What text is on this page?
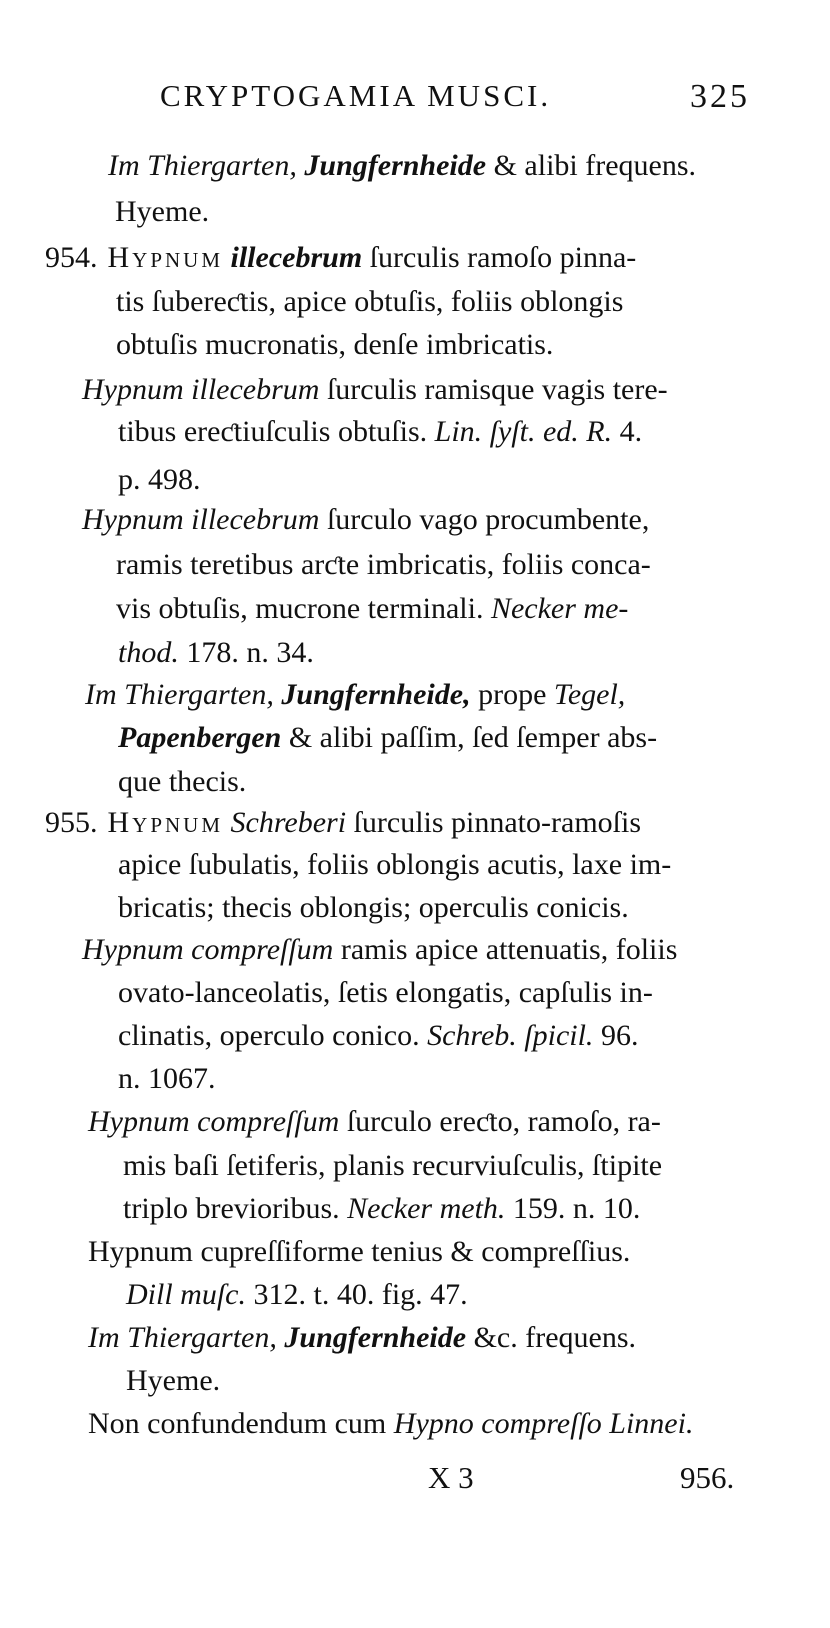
CRYPTOGAMIA MUSCI.	325
Im Thiergarten, Jungfernheide & alibi frequens.
Hyeme.
954. Hypnum illecebrum ſurculis ramoſo pinna-
tis ſubereƈtis, apice obtuſis, foliis oblongis
obtuſis mucronatis, denſe imbricatis.
Hypnum illecebrum ſurculis ramisque vagis tere-
tibus ereƈtiuſculis obtuſis. Lin. ſyſt. ed. R. 4.
p. 498.
Hypnum illecebrum ſurculo vago procumbente,
ramis teretibus arƈte imbricatis, foliis conca-
vis obtuſis, mucrone terminali. Necker me-
thod. 178. n. 34.
Im Thiergarten, Jungfernheide, prope Tegel,
Papenbergen & alibi paſſim, ſed ſemper abs-
que thecis.
955. Hypnum Schreberi ſurculis pinnato-ramoſis
apice ſubulatis, foliis oblongis acutis, laxe im-
bricatis; thecis oblongis; operculis conicis.
Hypnum compreſſum ramis apice attenuatis, foliis
ovato-lanceolatis, ſetis elongatis, capſulis in-
clinatis, operculo conico. Schreb. ſpicil. 96.
n. 1067.
Hypnum compreſſum ſurculo ereƈto, ramoſo, ra-
mis baſi ſetiferis, planis recurviuſculis, ſtipite
triplo brevioribus. Necker meth. 159. n. 10.
Hypnum cupreſſiforme tenius & compreſſius.
Dill muſc. 312. t. 40. fig. 47.
Im Thiergarten, Jungfernheide &c. frequens.
Hyeme.
Non confundendum cum Hypno compreſſo Linnei.
X 3	956.
